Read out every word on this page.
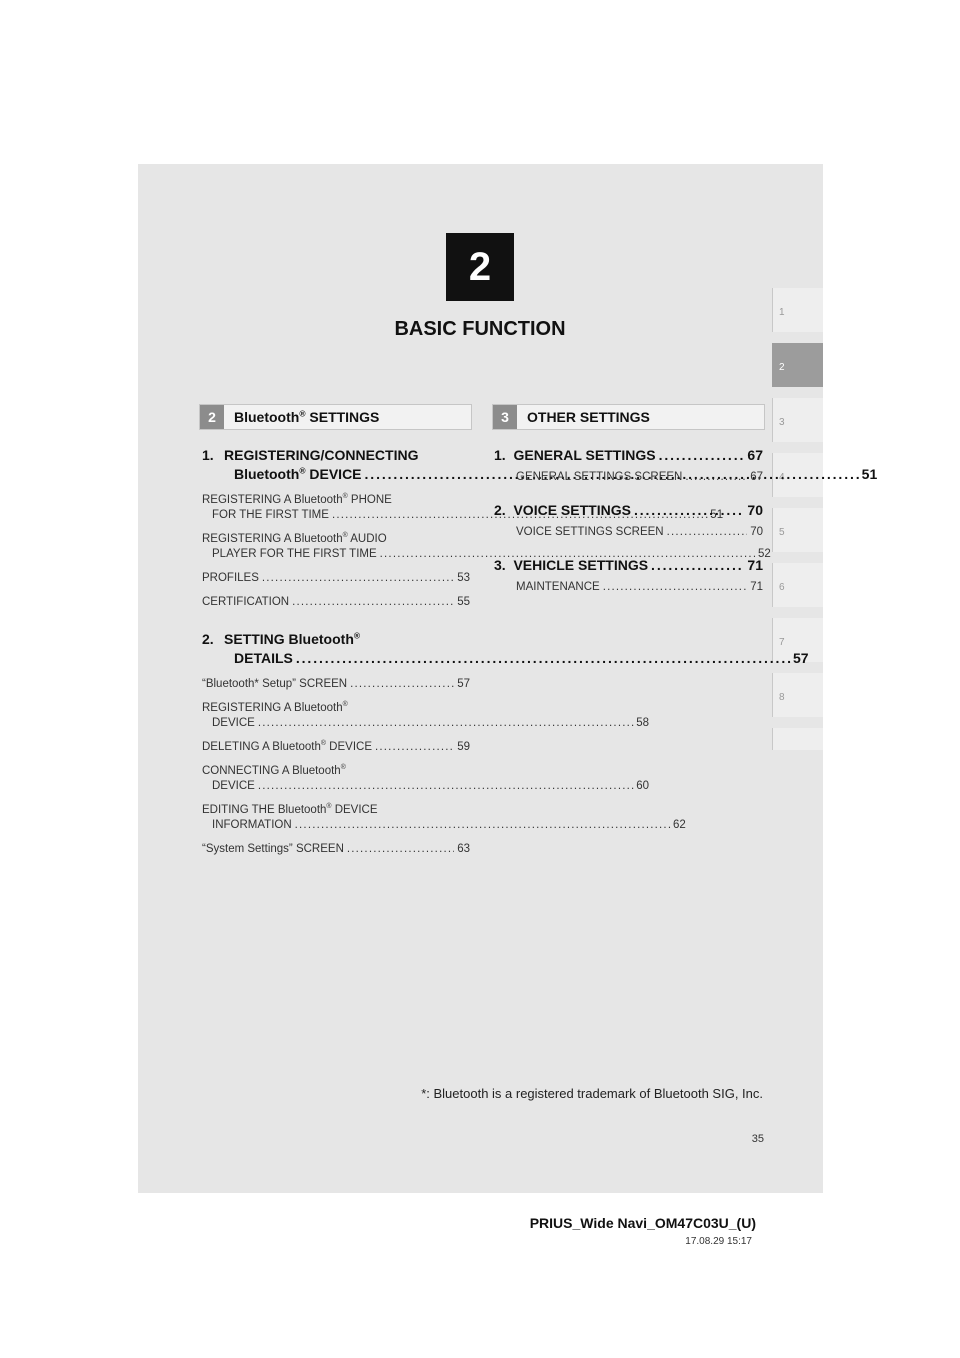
2
BASIC FUNCTION
1
2
3
4
5
6
7
8
2	Bluetooth® SETTINGS
1. REGISTERING/CONNECTING
Bluetooth® DEVICE . . .	51
REGISTERING A Bluetooth® PHONE
FOR THE FIRST TIME . . .	51
REGISTERING A Bluetooth® AUDIO
PLAYER FOR THE FIRST TIME . . .	52
PROFILES . . .	53
CERTIFICATION . . .	55
2. SETTING Bluetooth®
DETAILS . . .	57
“Bluetooth* Setup” SCREEN . . .	57
REGISTERING A Bluetooth®
DEVICE . . .	58
DELETING A Bluetooth® DEVICE . . .	59
CONNECTING A Bluetooth®
DEVICE . . .	60
EDITING THE Bluetooth® DEVICE
INFORMATION . . .	62
“System Settings” SCREEN . . .	63
3	OTHER SETTINGS
1. GENERAL SETTINGS . . .	67
GENERAL SETTINGS SCREEN . . .	67
2. VOICE SETTINGS . . .	70
VOICE SETTINGS SCREEN . . .	70
3. VEHICLE SETTINGS . . .	71
MAINTENANCE . . .	71
*: Bluetooth is a registered trademark of Bluetooth SIG, Inc.
35
PRIUS_Wide Navi_OM47C03U_(U)
17.08.29 15:17
